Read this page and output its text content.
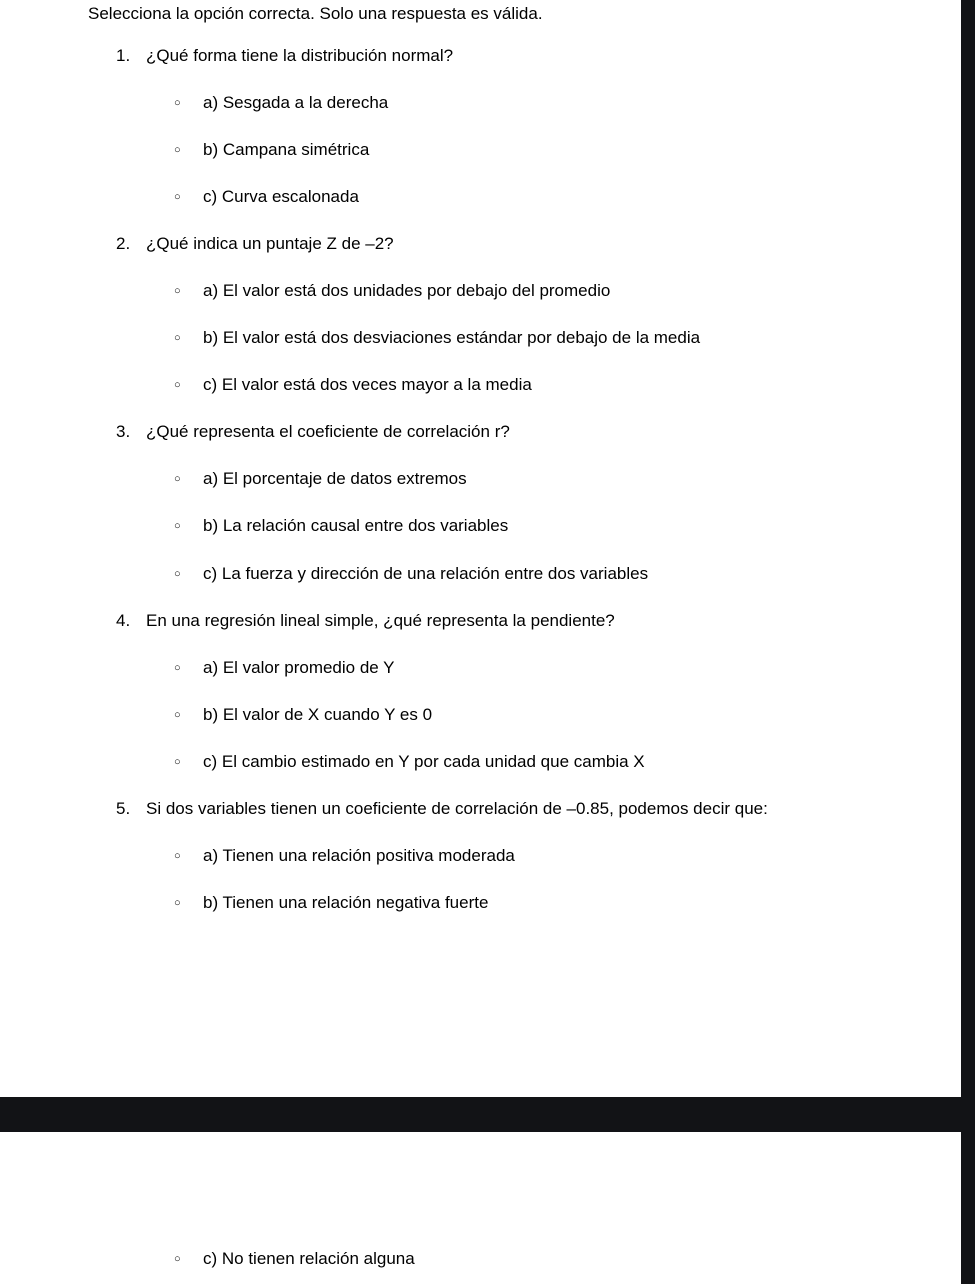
Selecciona la opción correcta. Solo una respuesta es válida.
1. ¿Qué forma tiene la distribución normal?
○ a) Sesgada a la derecha
○ b) Campana simétrica
○ c) Curva escalonada
2. ¿Qué indica un puntaje Z de –2?
○ a) El valor está dos unidades por debajo del promedio
○ b) El valor está dos desviaciones estándar por debajo de la media
○ c) El valor está dos veces mayor a la media
3. ¿Qué representa el coeficiente de correlación r?
○ a) El porcentaje de datos extremos
○ b) La relación causal entre dos variables
○ c) La fuerza y dirección de una relación entre dos variables
4. En una regresión lineal simple, ¿qué representa la pendiente?
○ a) El valor promedio de Y
○ b) El valor de X cuando Y es 0
○ c) El cambio estimado en Y por cada unidad que cambia X
5. Si dos variables tienen un coeficiente de correlación de –0.85, podemos decir que:
○ a) Tienen una relación positiva moderada
○ b) Tienen una relación negativa fuerte
○ c) No tienen relación alguna
